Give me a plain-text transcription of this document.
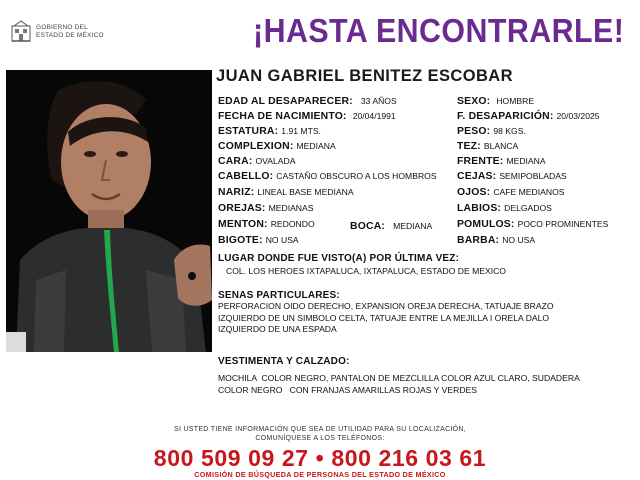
GOBIERNO DEL
ESTADO DE MÉXICO	¡HASTA ENCONTRARLE!
JUAN GABRIEL BENITEZ ESCOBAR
EDAD AL DESAPARECER: 33 AÑOS
FECHA DE NACIMIENTO: 20/04/1991
ESTATURA: 1.91 MTS.
COMPLEXION: MEDIANA
CARA: OVALADA
CABELLO: CASTAÑO OBSCURO A LOS HOMBROS
NARIZ: LINEAL BASE MEDIANA
OREJAS: MEDIANAS
MENTON: REDONDO	BOCA: MEDIANA
BIGOTE: NO USA
SEXO: HOMBRE
F. DESAPARICIÓN: 20/03/2025
PESO: 98 KGS.
TEZ: BLANCA
FRENTE: MEDIANA
CEJAS: SEMIPOBLADAS
OJOS: CAFE MEDIANOS
LABIOS: DELGADOS
POMULOS: POCO PROMINENTES
BARBA: NO USA
LUGAR DONDE FUE VISTO(A) POR ÚLTIMA VEZ:
COL. LOS HEROES IXTAPALUCA, IXTAPALUCA, ESTADO DE MEXICO
SENAS PARTICULARES:
PERFORACION OIDO DERECHO, EXPANSION OREJA DERECHA, TATUAJE BRAZO
IZQUIERDO DE UN SIMBOLO CELTA, TATUAJE ENTRE LA MEJILLA I ORELA DALO
IZQUIERDO DE UNA ESPADA
VESTIMENTA Y CALZADO:
MOCHILA  COLOR NEGRO, PANTALON DE MEZCLILLA COLOR AZUL CLARO, SUDADERA
COLOR NEGRO   CON FRANJAS AMARILLAS ROJAS Y VERDES
SI USTED TIENE INFORMACIÓN QUE SEA DE UTILIDAD PARA SU LOCALIZACIÓN,
COMUNÍQUESE A LOS TELÉFONOS:
800 509 09 27 • 800 216 03 61
COMISIÓN DE BÚSQUEDA DE PERSONAS DEL ESTADO DE MÉXICO
